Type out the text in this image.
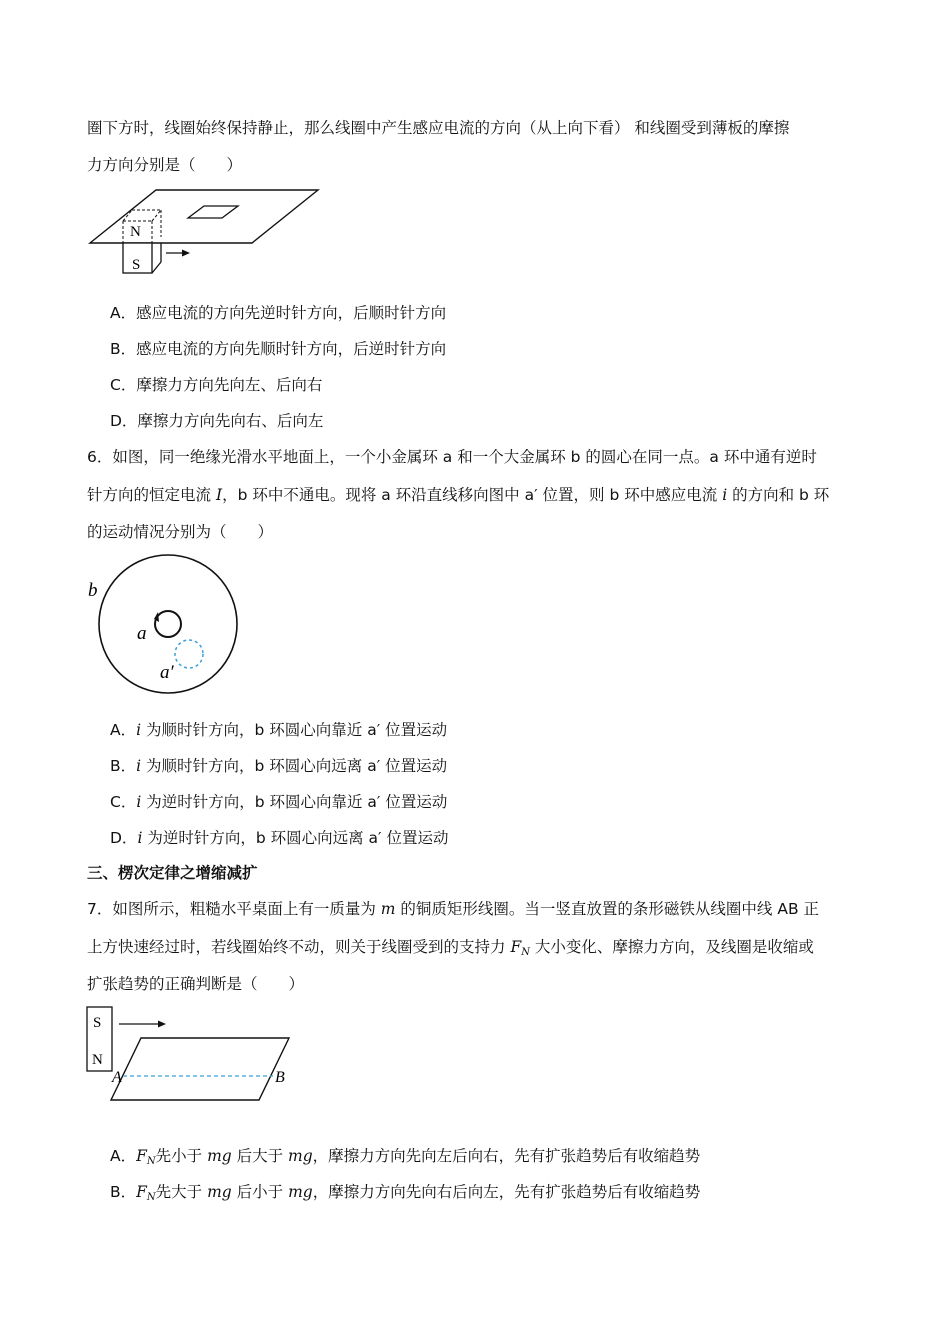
圈下方时，线圈始终保持静止，那么线圈中产生感应电流的方向（从上向下看） 和线圈受到薄板的摩擦
力方向分别是（　　）
N
S
A．感应电流的方向先逆时针方向，后顺时针方向
B．感应电流的方向先顺时针方向，后逆时针方向
C．摩擦力方向先向左、后向右
D．摩擦力方向先向右、后向左
6．如图，同一绝缘光滑水平地面上，一个小金属环 a 和一个大金属环 b 的圆心在同一点。a 环中通有逆时
针方向的恒定电流 I，b 环中不通电。现将 a 环沿直线移向图中 a′ 位置，则 b 环中感应电流 i 的方向和 b 环
的运动情况分别为（　　）
b
a
a′
A．i 为顺时针方向，b 环圆心向靠近 a′ 位置运动
B．i 为顺时针方向，b 环圆心向远离 a′ 位置运动
C．i 为逆时针方向，b 环圆心向靠近 a′ 位置运动
D．i 为逆时针方向，b 环圆心向远离 a′ 位置运动
三、楞次定律之增缩减扩
7．如图所示，粗糙水平桌面上有一质量为 m 的铜质矩形线圈。当一竖直放置的条形磁铁从线圈中线 AB 正
上方快速经过时，若线圈始终不动，则关于线圈受到的支持力 $F_N$ 大小变化、摩擦力方向，及线圈是收缩或
扩张趋势的正确判断是（　　）
S
N
A	B
A．$F_N$先小于 mg 后大于 mg，摩擦力方向先向左后向右，先有扩张趋势后有收缩趋势
B．$F_N$先大于 mg 后小于 mg，摩擦力方向先向右后向左，先有扩张趋势后有收缩趋势
